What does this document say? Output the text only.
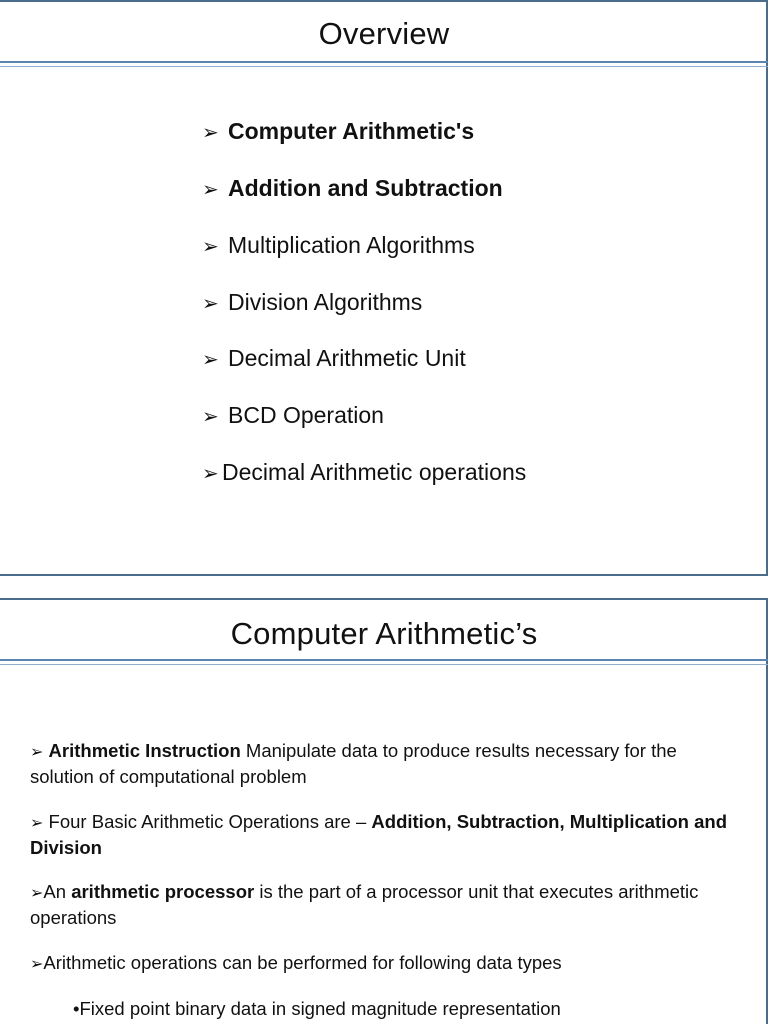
Overview
➢ Computer Arithmetic's
➢ Addition and Subtraction
➢ Multiplication Algorithms
➢ Division Algorithms
➢ Decimal Arithmetic Unit
➢ BCD Operation
➢ Decimal Arithmetic operations
Computer Arithmetic’s
➢ Arithmetic Instruction Manipulate data to produce results necessary for the solution of computational problem
➢ Four Basic Arithmetic Operations are – Addition, Subtraction, Multiplication and Division
➢An arithmetic processor is the part of a processor unit that executes arithmetic operations
➢Arithmetic operations can be performed for following data types
•Fixed point binary data in signed magnitude representation
